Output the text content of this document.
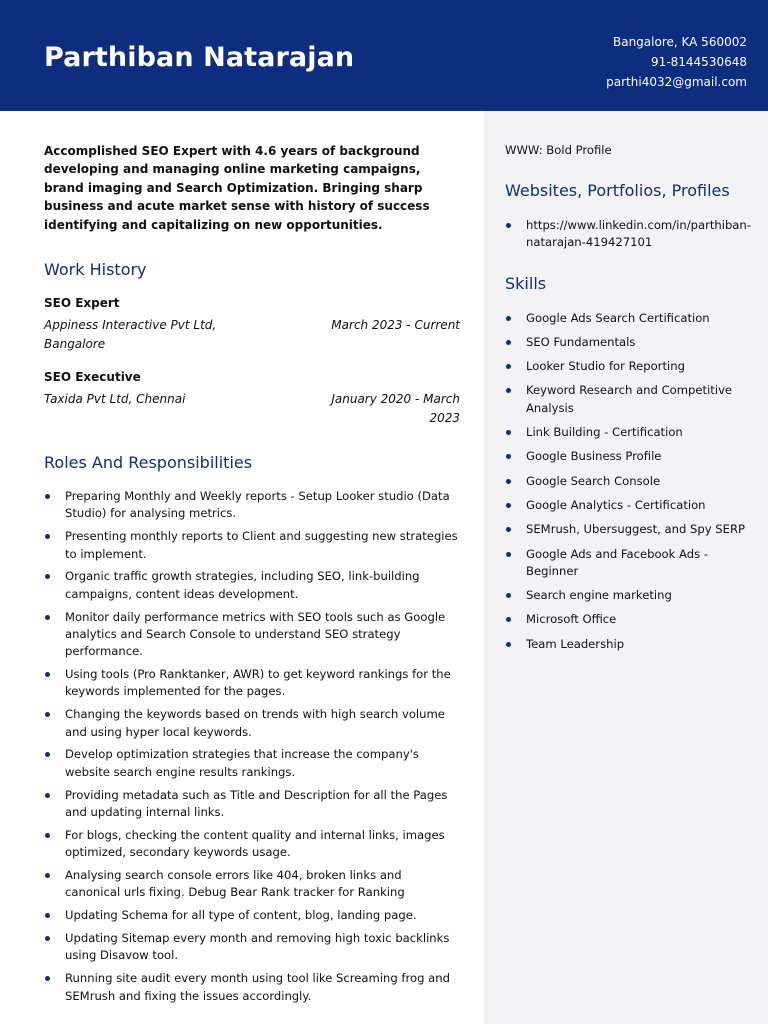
Parthiban Natarajan	Bangalore, KA 560002
91-8144530648
parthi4032@gmail.com

Accomplished SEO Expert with 4.6 years of background developing and managing online marketing campaigns, brand imaging and Search Optimization. Bringing sharp business and acute market sense with history of success identifying and capitalizing on new opportunities.

Work History
SEO Expert
Appiness Interactive Pvt Ltd, Bangalore
March 2023 - Current
SEO Executive
Taxida Pvt Ltd, Chennai	January 2020 - March 2023
Roles And Responsibilities
Preparing Monthly and Weekly reports - Setup Looker studio (Data Studio) for analysing metrics.
Presenting monthly reports to Client and suggesting new strategies to implement.
Organic traffic growth strategies, including SEO, link-building campaigns, content ideas development.
Monitor daily performance metrics with SEO tools such as Google analytics and Search Console to understand SEO strategy performance.
Using tools (Pro Ranktanker, AWR) to get keyword rankings for the keywords implemented for the pages.
Changing the keywords based on trends with high search volume and using hyper local keywords.
Develop optimization strategies that increase the company's website search engine results rankings.
Providing metadata such as Title and Description for all the Pages and updating internal links.
For blogs, checking the content quality and internal links, images optimized, secondary keywords usage.
Analysing search console errors like 404, broken links and canonical urls fixing. Debug Bear Rank tracker for Ranking
Updating Schema for all type of content, blog, landing page.
Updating Sitemap every month and removing high toxic backlinks using Disavow tool.
Running site audit every month using tool like Screaming frog and SEMrush and fixing the issues accordingly.
WWW: Bold Profile
Websites, Portfolios, Profiles
https://www.linkedin.com/in/parthiban-natarajan-419427101
Skills
Google Ads Search Certification
SEO Fundamentals
Looker Studio for Reporting
Keyword Research and Competitive Analysis
Link Building - Certification
Google Business Profile
Google Search Console
Google Analytics - Certification
SEMrush, Ubersuggest, and Spy SERP
Google Ads and Facebook Ads - Beginner
Search engine marketing
Microsoft Office
Team Leadership
